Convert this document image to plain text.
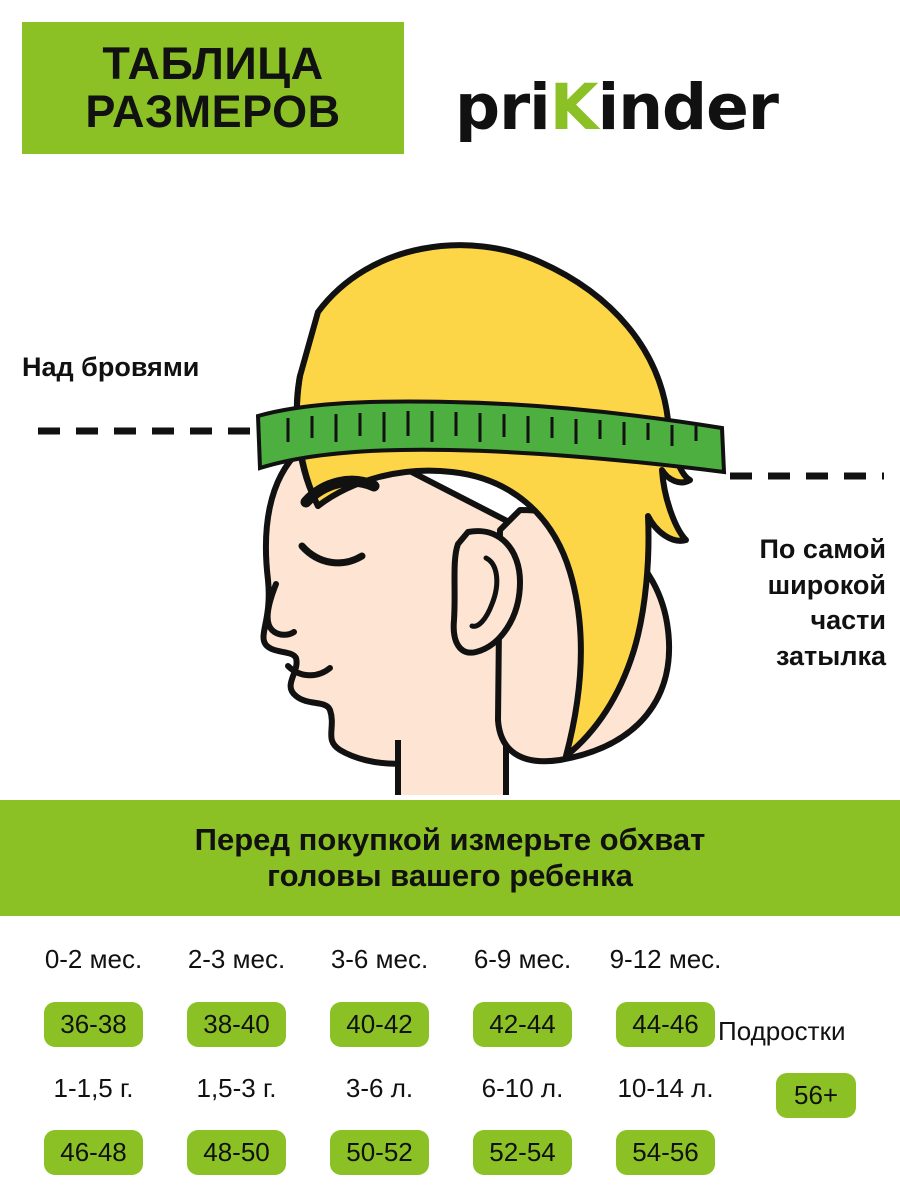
ТАБЛИЦА
РАЗМЕРОВ pri K inder
Над бровями
По самой
широкой
части
затылка
Перед покупкой измерьте обхват
головы вашего ребенка
0-2 мес. 2-3 мес. 3-6 мес. 6-9 мес. 9-12 мес.
36-38	38-40	40-42	42-44	44-46
1-1,5 г. 1,5-3 г.	3-6 л.	6-10 л. 10-14 л.
46-48	48-50	50-52	52-54	54-56
Подростки
56+
